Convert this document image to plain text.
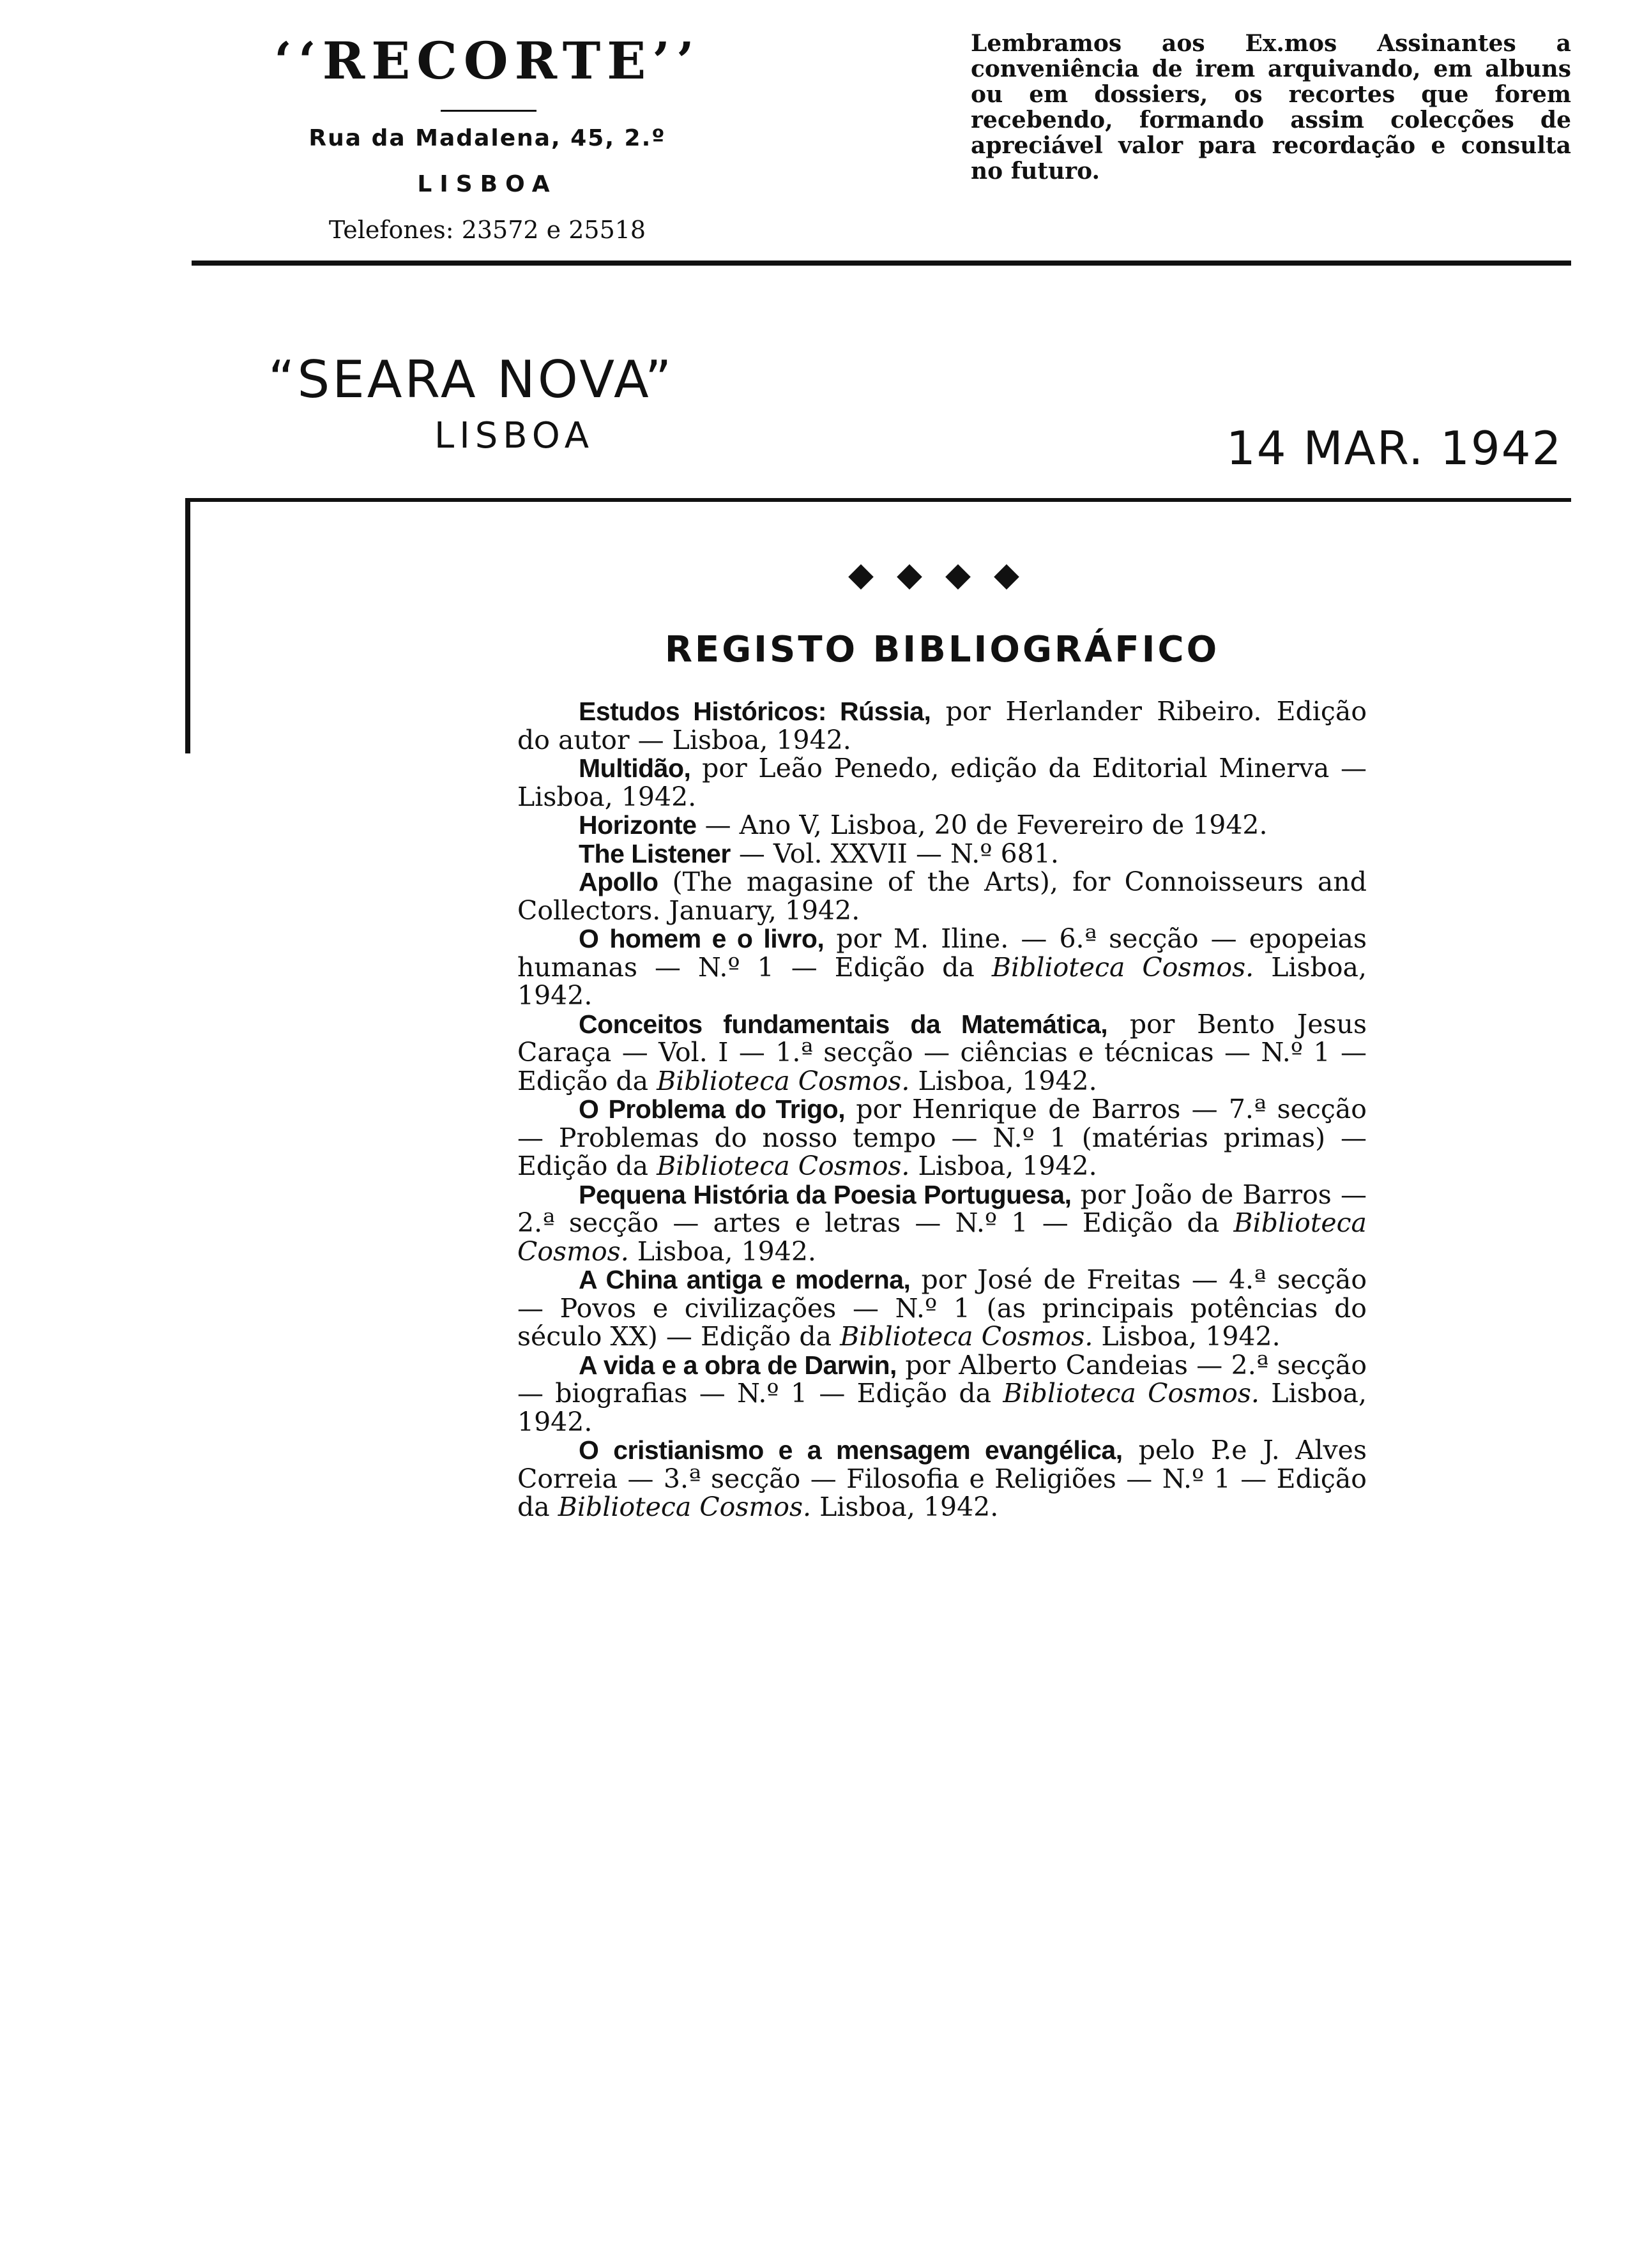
‘‘RECORTE’’
Rua da Madalena, 45, 2.º
LISBOA
Telefones: 23572 e 25518
Lembramos aos Ex.mos Assinantes a conveniência de irem arquivando, em albuns ou em dossiers, os recortes que forem recebendo, formando assim colecções de apreciável valor para recordação e consulta no futuro.
“SEARA NOVA”
LISBOA	14 MAR. 1942
◆◆◆◆
REGISTO BIBLIOGRÁFICO

Estudos Históricos: Rússia, por Herlander Ribeiro. Edição do autor — Lisboa, 1942.

Multidão, por Leão Penedo, edição da Editorial Minerva — Lisboa, 1942.

Horizonte — Ano V, Lisboa, 20 de Fevereiro de 1942.

The Listener — Vol. XXVII — N.º 681.

Apollo (The magasine of the Arts), for Connoisseurs and Collectors. January, 1942.

O homem e o livro, por M. Iline. — 6.ª secção — epopeias humanas — N.º 1 — Edição da Biblioteca Cosmos. Lisboa, 1942.

Conceitos fundamentais da Matemática, por Bento Jesus Caraça — Vol. I — 1.ª secção — ciências e técnicas — N.º 1 — Edição da Biblioteca Cosmos. Lisboa, 1942.

O Problema do Trigo, por Henrique de Barros — 7.ª secção — Problemas do nosso tempo — N.º 1 (matérias primas) — Edição da Biblioteca Cosmos. Lisboa, 1942.

Pequena História da Poesia Portuguesa, por João de Barros — 2.ª secção — artes e letras — N.º 1 — Edição da Biblioteca Cosmos. Lisboa, 1942.

A China antiga e moderna, por José de Freitas — 4.ª secção — Povos e civilizações — N.º 1 (as principais potências do século XX) — Edição da Biblioteca Cosmos. Lisboa, 1942.

A vida e a obra de Darwin, por Alberto Candeias — 2.ª secção — biografias — N.º 1 — Edição da Biblioteca Cosmos. Lisboa, 1942.

O cristianismo e a mensagem evangélica, pelo P.e J. Alves Correia — 3.ª secção — Filosofia e Religiões — N.º 1 — Edição da Biblioteca Cosmos. Lisboa, 1942.
